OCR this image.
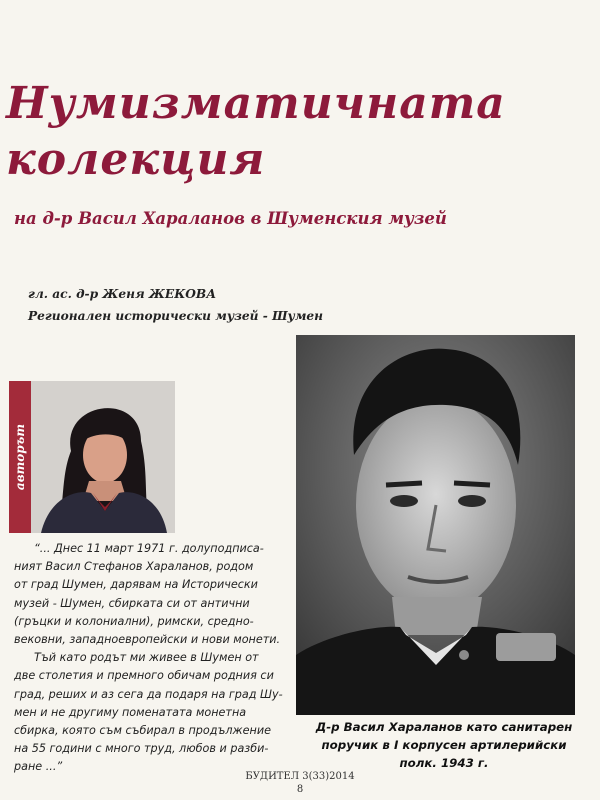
Нумизматичната
колекция
на д-р Васил Хараланов в Шуменския музей
гл. ас. д-р Женя ЖЕКОВА
Регионален исторически музей - Шумен
авторът
“... Днес 11 март 1971 г. долуподписа-
ният Васил Стефанов Хараланов, родом
от град Шумен, дарявам на Исторически
музей - Шумен, сбирката си от антични
(гръцки и колониални), римски, средно-
вековни, западноевропейски и нови монети.
Тъй като родът ми живее в Шумен от
две столетия и премного обичам родния си
град, реших и аз сега да подаря на град Шу-
мен и не другиму поменатата монетна
сбирка, която съм събирал в продължение
на 55 години с много труд, любов и разби-
ране ...”
Д-р Васил Хараланов като санитарен
поручик в I корпусен артилерийски
полк. 1943 г.
БУДИТЕЛ 3(33)2014
8
